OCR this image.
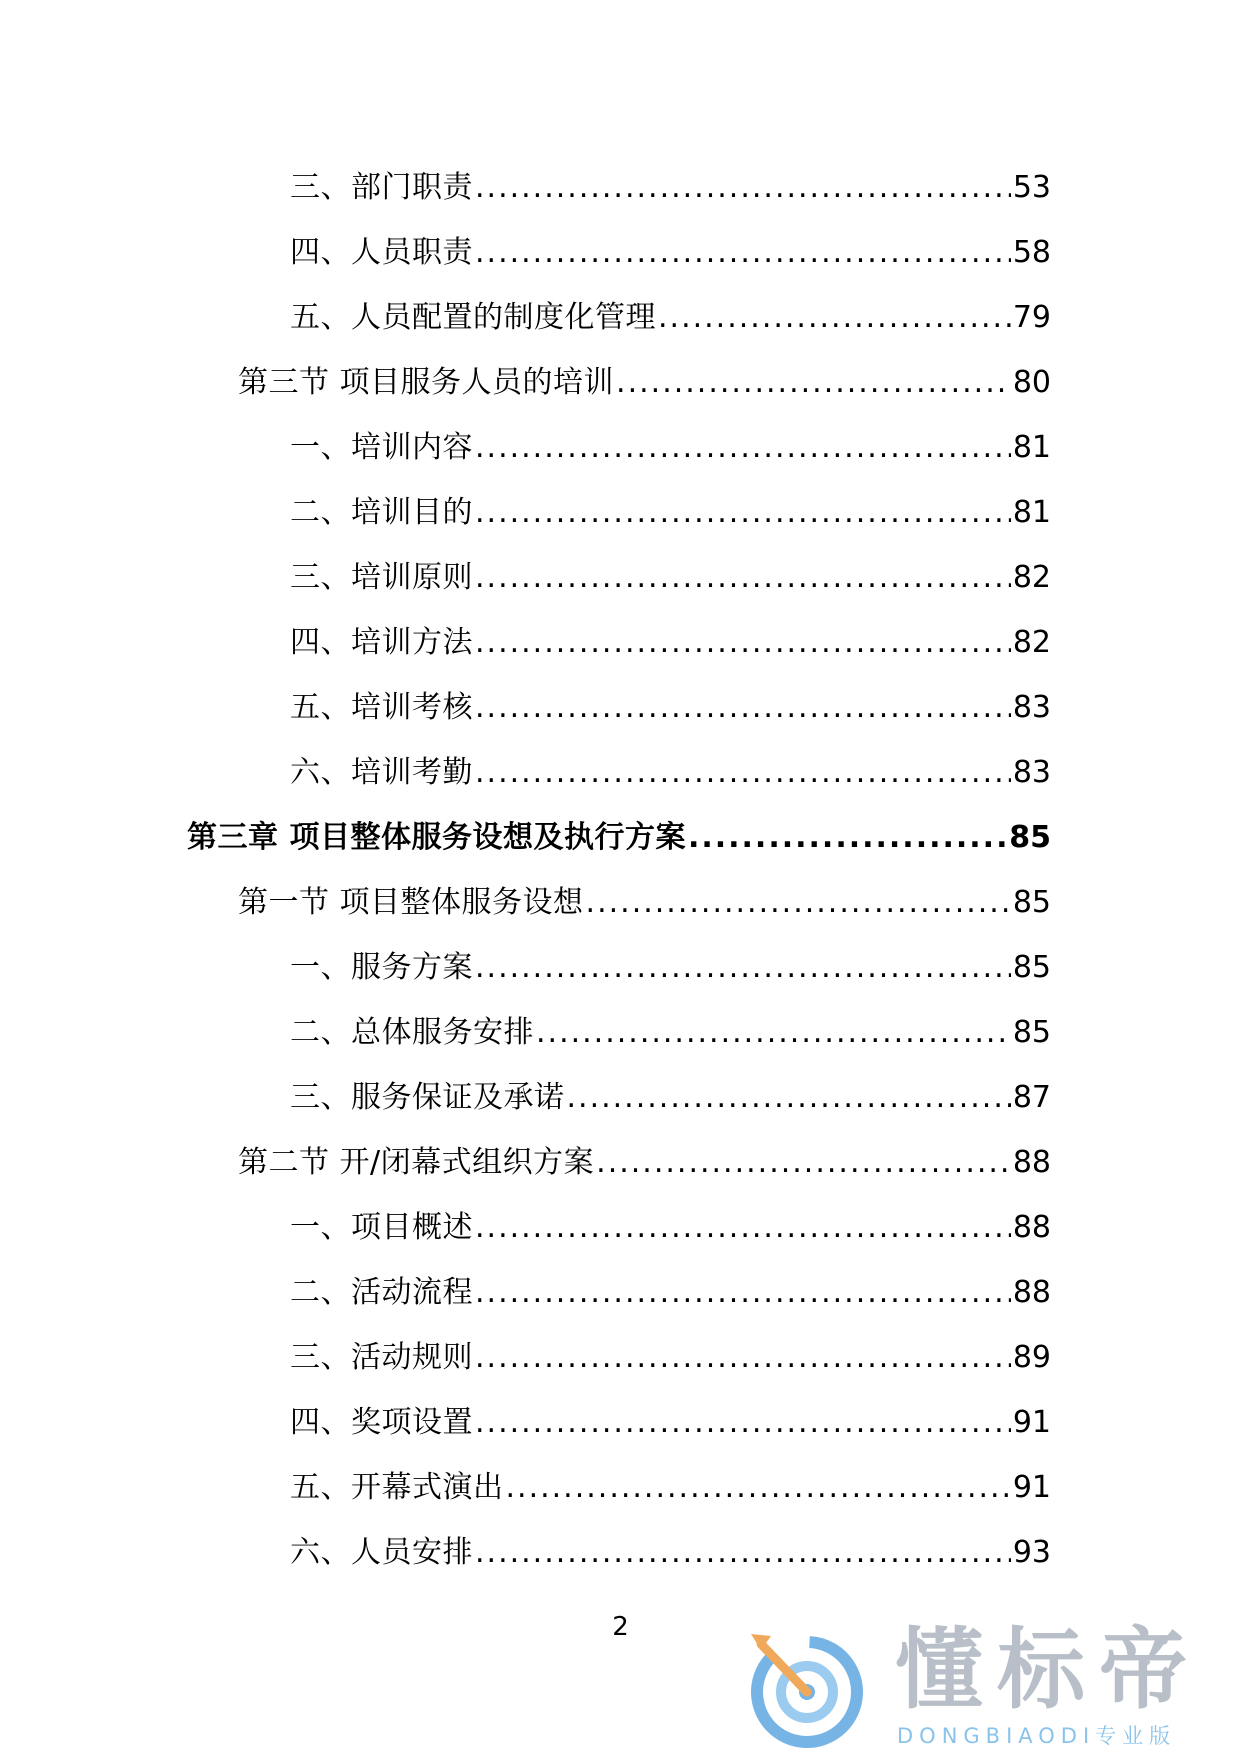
三、部门职责 .....	53
四、人员职责 .....	58
五、人员配置的制度化管理 .....	79
第三节 项目服务人员的培训 .....	80
一、培训内容 .....	81
二、培训目的 .....	81
三、培训原则 .....	82
四、培训方法 .....	82
五、培训考核 .....	83
六、培训考勤 .....	83
第三章 项目整体服务设想及执行方案 .....	85
第一节 项目整体服务设想 .....	85
一、服务方案 .....	85
二、总体服务安排 .....	85
三、服务保证及承诺 .....	87
第二节 开/闭幕式组织方案 .....	88
一、项目概述 .....	88
二、活动流程 .....	88
三、活动规则 .....	89
四、奖项设置 .....	91
五、开幕式演出 .....	91
六、人员安排 .....	93
2	懂标帝
DONGBIAODI专业版
